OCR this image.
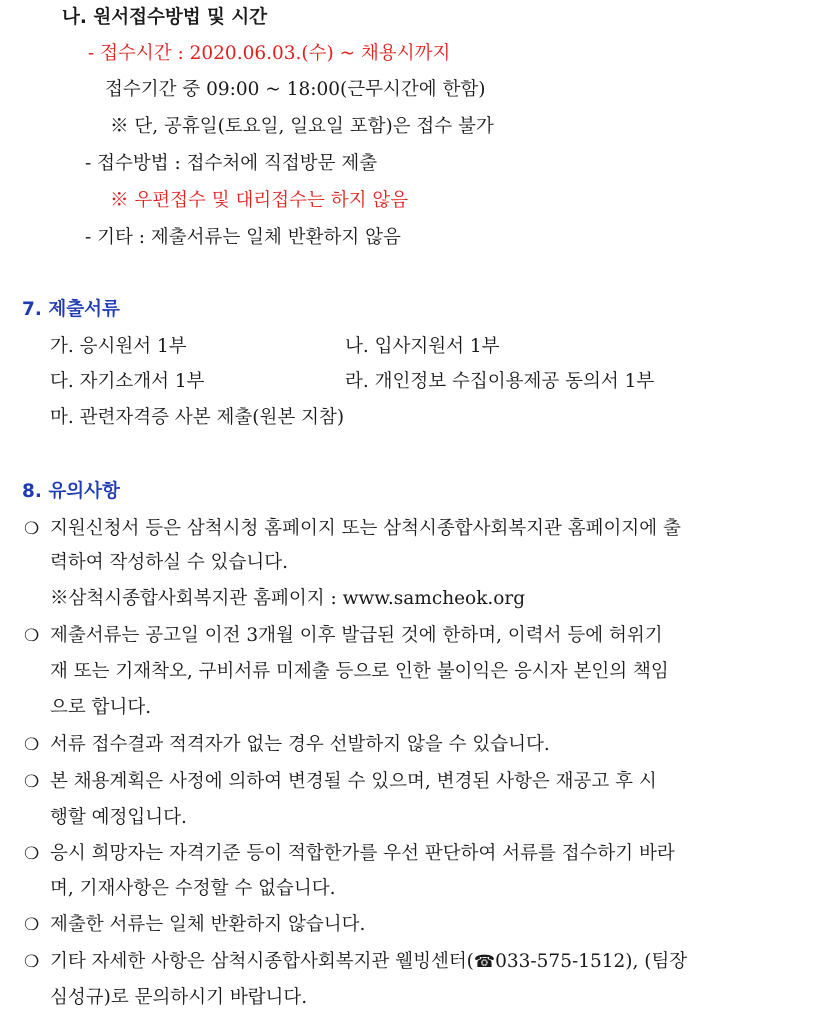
나. 원서접수방법 및 시간
- 접수시간 : 2020.06.03.(수) ~ 채용시까지
접수기간 중 09:00 ~ 18:00(근무시간에 한함)
※ 단, 공휴일(토요일, 일요일 포함)은 접수 불가
- 접수방법 : 접수처에 직접방문 제출
※ 우편접수 및 대리접수는 하지 않음
- 기타 : 제출서류는 일체 반환하지 않음
7. 제출서류
가. 응시원서 1부	나. 입사지원서 1부
다. 자기소개서 1부	라. 개인정보 수집이용제공 동의서 1부
마. 관련자격증 사본 제출(원본 지참)
8. 유의사항
❍ 지원신청서 등은 삼척시청 홈페이지 또는 삼척시종합사회복지관 홈페이지에 출
력하여 작성하실 수 있습니다.
※삼척시종합사회복지관 홈페이지 : www.samcheok.org
❍ 제출서류는 공고일 이전 3개월 이후 발급된 것에 한하며, 이력서 등에 허위기
재 또는 기재착오, 구비서류 미제출 등으로 인한 불이익은 응시자 본인의 책임
으로 합니다.
❍ 서류 접수결과 적격자가 없는 경우 선발하지 않을 수 있습니다.
❍ 본 채용계획은 사정에 의하여 변경될 수 있으며, 변경된 사항은 재공고 후 시
행할 예정입니다.
❍ 응시 희망자는 자격기준 등이 적합한가를 우선 판단하여 서류를 접수하기 바라
며, 기재사항은 수정할 수 없습니다.
❍ 제출한 서류는 일체 반환하지 않습니다.
❍ 기타 자세한 사항은 삼척시종합사회복지관 웰빙센터(☎033-575-1512), (팀장
심성규)로 문의하시기 바랍니다.
